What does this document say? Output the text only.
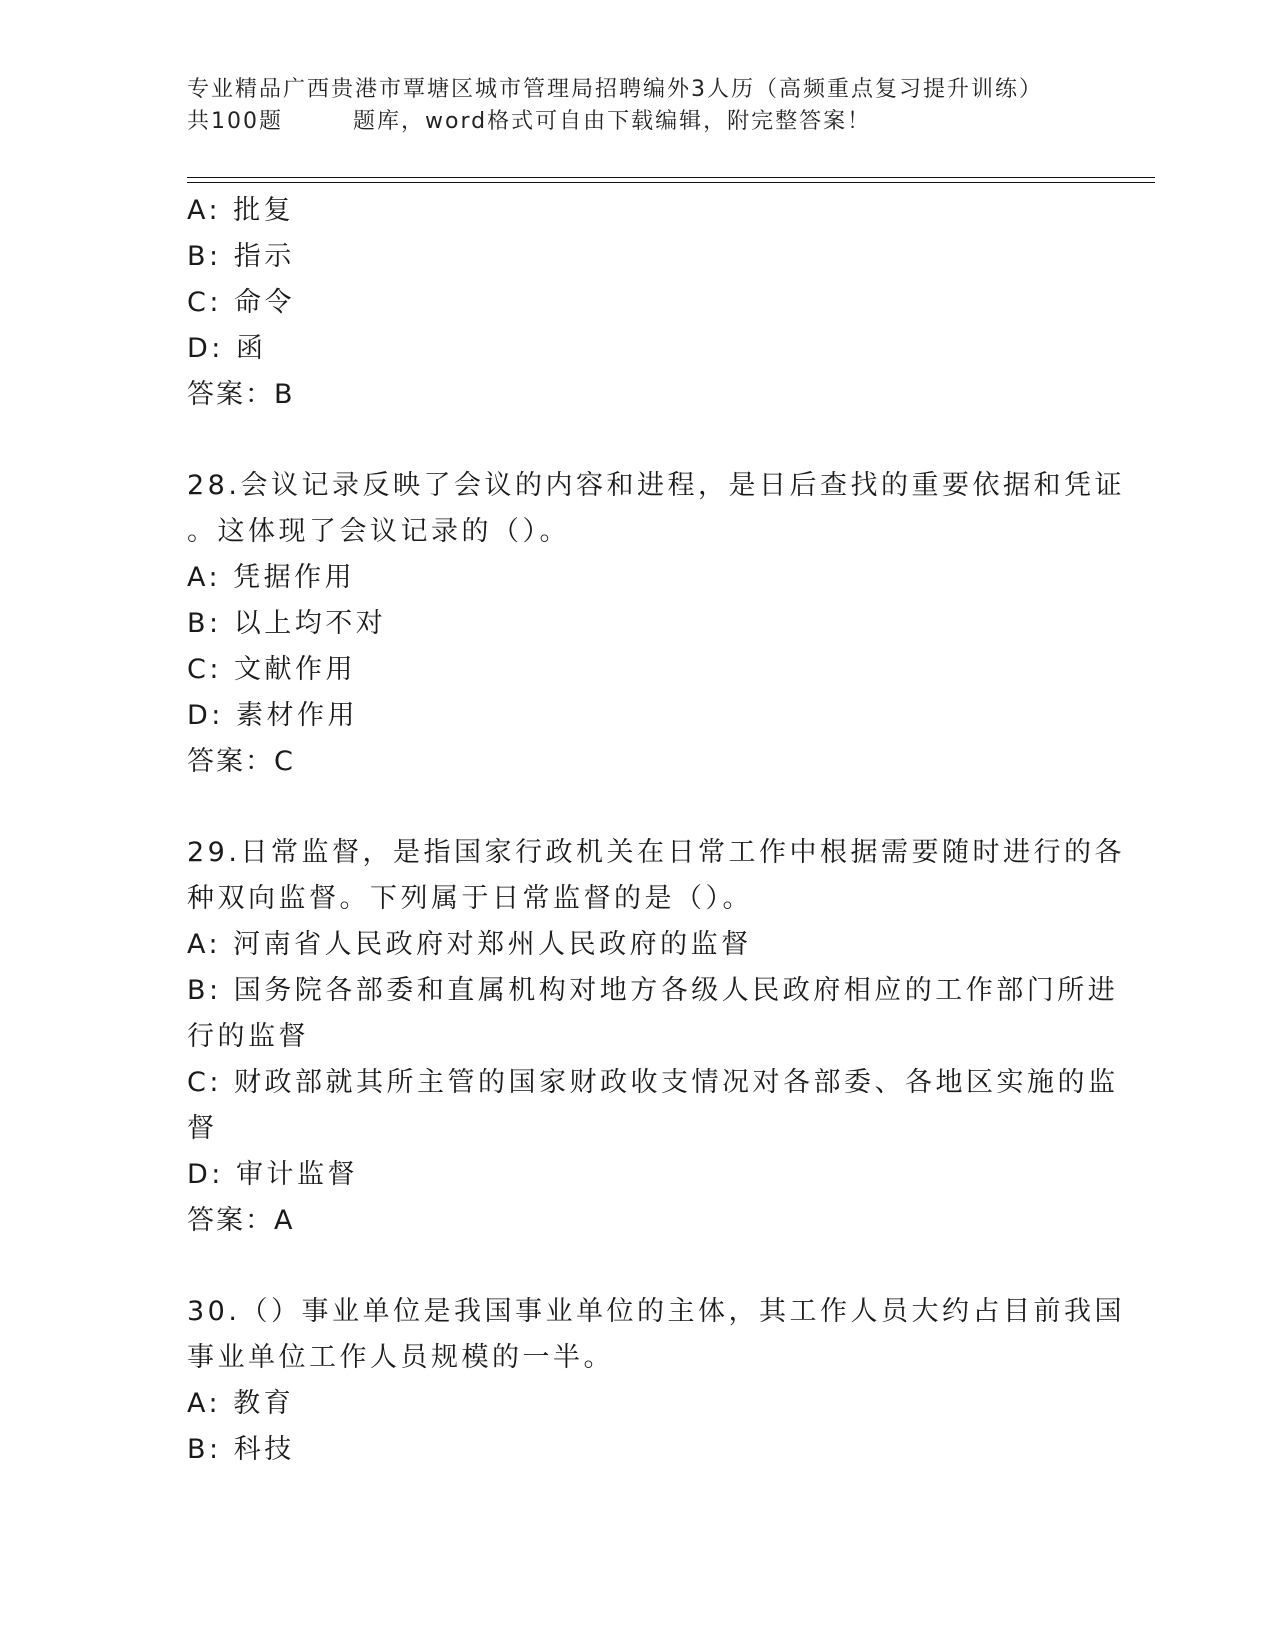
专业精品广西贵港市覃塘区城市管理局招聘编外3人历（高频重点复习提升训练）
共100题	题库，word格式可自由下载编辑，附完整答案！
A: 批复
B: 指示
C: 命令
D: 函
答案：B
28.会议记录反映了会议的内容和进程，是日后查找的重要依据和凭证
。这体现了会议记录的（）。
A: 凭据作用
B: 以上均不对
C: 文献作用
D: 素材作用
答案：C
29.日常监督，是指国家行政机关在日常工作中根据需要随时进行的各
种双向监督。下列属于日常监督的是（）。
A: 河南省人民政府对郑州人民政府的监督
B: 国务院各部委和直属机构对地方各级人民政府相应的工作部门所进
行的监督
C: 财政部就其所主管的国家财政收支情况对各部委、各地区实施的监
督
D: 审计监督
答案：A
30.（）事业单位是我国事业单位的主体，其工作人员大约占目前我国
事业单位工作人员规模的一半。
A: 教育
B: 科技
